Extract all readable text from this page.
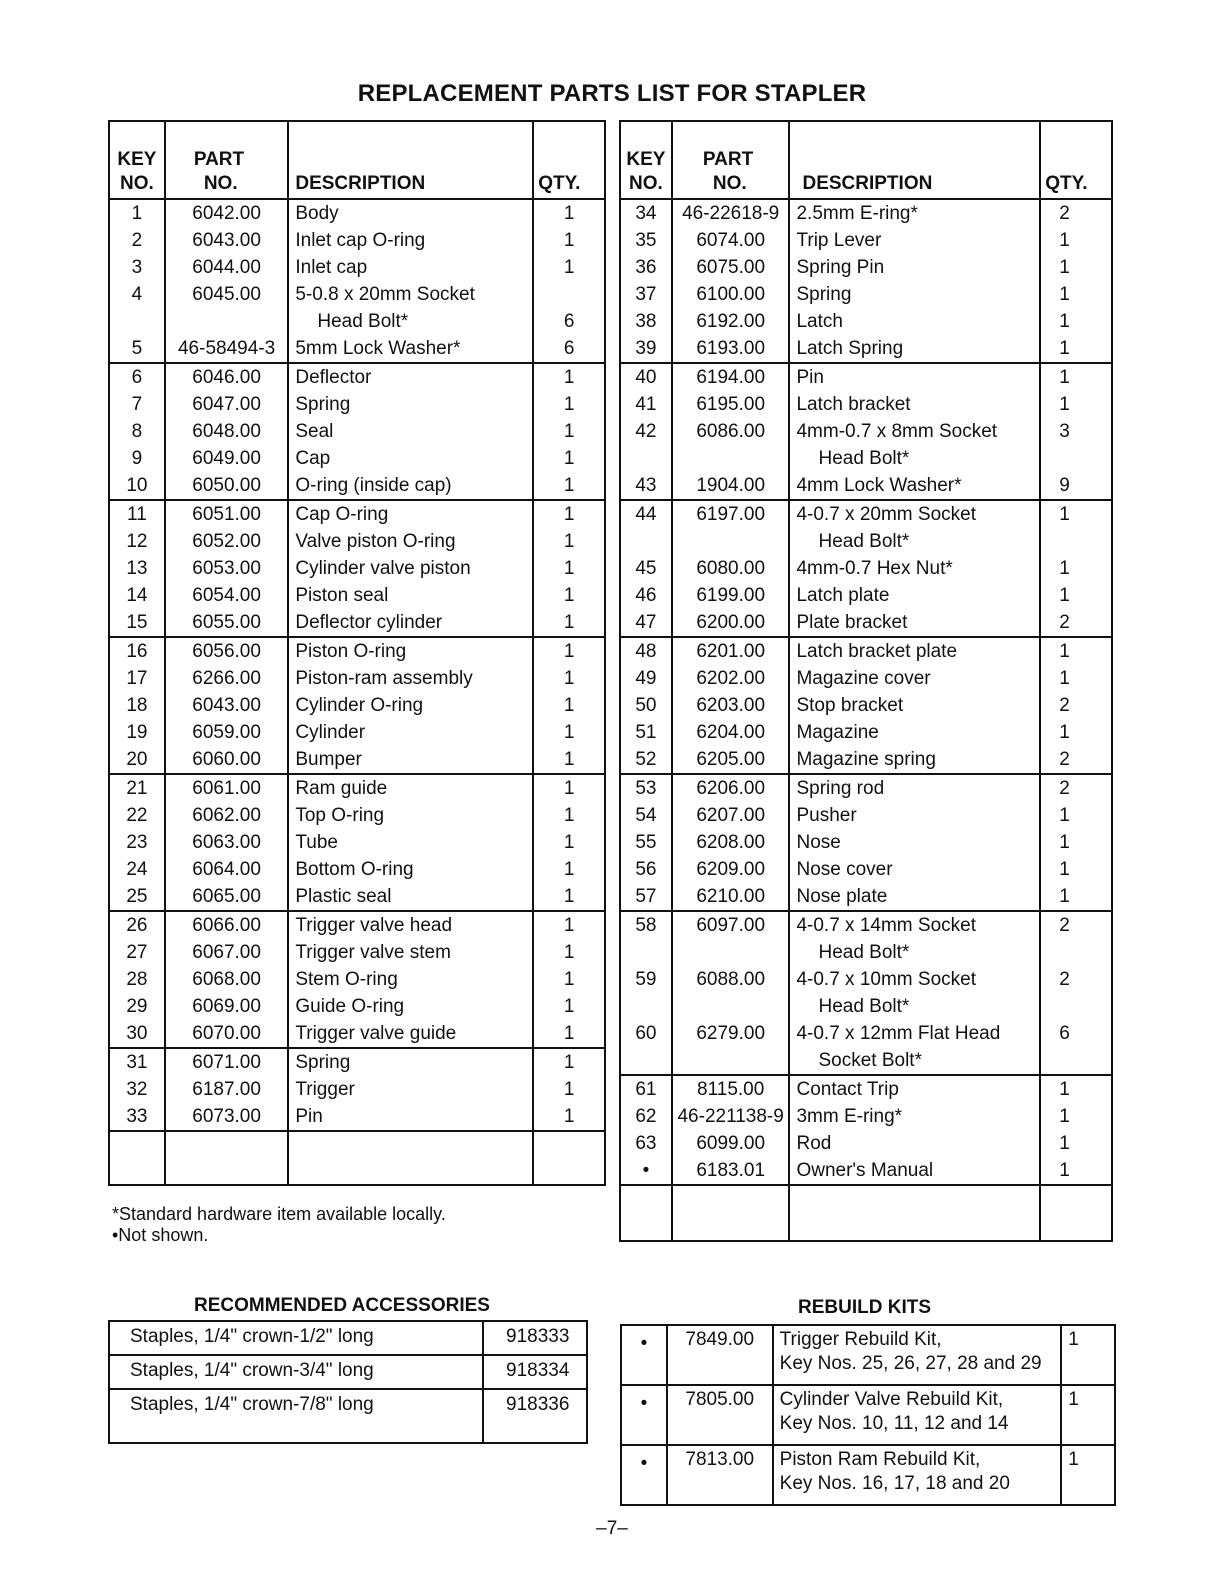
REPLACEMENT PARTS LIST FOR STAPLER
KEY
NO.	PART
NO.	DESCRIPTION	QTY.
1	6042.00	Body	1
2	6043.00	Inlet cap O-ring	1
3	6044.00	Inlet cap	1
4	6045.00	5-0.8 x 20mm Socket
Head Bolt*	6
5	46-58494-3	5mm Lock Washer*	6
6	6046.00	Deflector	1
7	6047.00	Spring	1
8	6048.00	Seal	1
9	6049.00	Cap	1
10	6050.00	O-ring (inside cap)	1
11	6051.00	Cap O-ring	1
12	6052.00	Valve piston O-ring	1
13	6053.00	Cylinder valve piston	1
14	6054.00	Piston seal	1
15	6055.00	Deflector cylinder	1
16	6056.00	Piston O-ring	1
17	6266.00	Piston-ram assembly	1
18	6043.00	Cylinder O-ring	1
19	6059.00	Cylinder	1
20	6060.00	Bumper	1
21	6061.00	Ram guide	1
22	6062.00	Top O-ring	1
23	6063.00	Tube	1
24	6064.00	Bottom O-ring	1
25	6065.00	Plastic seal	1
26	6066.00	Trigger valve head	1
27	6067.00	Trigger valve stem	1
28	6068.00	Stem O-ring	1
29	6069.00	Guide O-ring	1
30	6070.00	Trigger valve guide	1
31	6071.00	Spring	1
32	6187.00	Trigger	1
33	6073.00	Pin	1

KEY
NO.	PART
NO.	DESCRIPTION	QTY.
34	46-22618-9	2.5mm E-ring*	2
35	6074.00	Trip Lever	1
36	6075.00	Spring Pin	1
37	6100.00	Spring	1
38	6192.00	Latch	1
39	6193.00	Latch Spring	1
40	6194.00	Pin	1
41	6195.00	Latch bracket	1
42	6086.00	4mm-0.7 x 8mm Socket
Head Bolt*	3
43	1904.00	4mm Lock Washer*	9
44	6197.00	4-0.7 x 20mm Socket
Head Bolt*	1
45	6080.00	4mm-0.7 Hex Nut*	1
46	6199.00	Latch plate	1
47	6200.00	Plate bracket	2
48	6201.00	Latch bracket plate	1
49	6202.00	Magazine cover	1
50	6203.00	Stop bracket	2
51	6204.00	Magazine	1
52	6205.00	Magazine spring	2
53	6206.00	Spring rod	2
54	6207.00	Pusher	1
55	6208.00	Nose	1
56	6209.00	Nose cover	1
57	6210.00	Nose plate	1
58	6097.00	4-0.7 x 14mm Socket
Head Bolt*	2
59	6088.00	4-0.7 x 10mm Socket
Head Bolt*	2
60	6279.00	4-0.7 x 12mm Flat Head
Socket Bolt*	6
61	8115.00	Contact Trip	1
62	46-221138-9	3mm E-ring*	1
63	6099.00	Rod	1
•	6183.01	Owner's Manual	1

*Standard hardware item available locally.
•Not shown.
RECOMMENDED ACCESSORIES
Staples, 1/4" crown-1/2" long	918333
Staples, 1/4" crown-3/4" long	918334
Staples, 1/4" crown-7/8" long	918336
REBUILD KITS
•	7849.00	Trigger Rebuild Kit,
Key Nos. 25, 26, 27, 28 and 29	1
•	7805.00	Cylinder Valve Rebuild Kit,
Key Nos. 10, 11, 12 and 14	1
•	7813.00	Piston Ram Rebuild Kit,
Key Nos. 16, 17, 18 and 20	1
–7–
